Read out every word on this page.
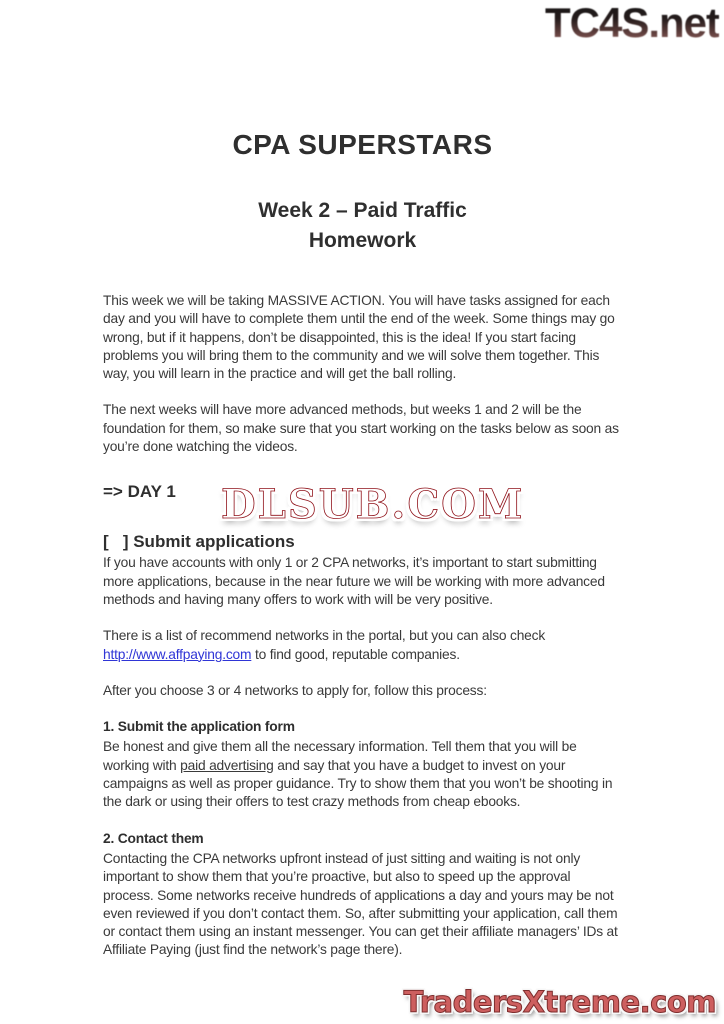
TC4S.net
CPA SUPERSTARS
Week 2 – Paid Traffic
Homework

This week we will be taking MASSIVE ACTION. You will have tasks assigned for each day and you will have to complete them until the end of the week. Some things may go wrong, but if it happens, don’t be disappointed, this is the idea! If you start facing problems you will bring them to the community and we will solve them together. This way, you will learn in the practice and will get the ball rolling.

The next weeks will have more advanced methods, but weeks 1 and 2 will be the foundation for them, so make sure that you start working on the tasks below as soon as you’re done watching the videos.

=> DAY 1
[   ] Submit applications

If you have accounts with only 1 or 2 CPA networks, it’s important to start submitting more applications, because in the near future we will be working with more advanced methods and having many offers to work with will be very positive.

There is a list of recommend networks in the portal, but you can also check http://www.affpaying.com to find good, reputable companies.

After you choose 3 or 4 networks to apply for, follow this process:

1. Submit the application form

Be honest and give them all the necessary information. Tell them that you will be working with paid advertising and say that you have a budget to invest on your campaigns as well as proper guidance. Try to show them that you won’t be shooting in the dark or using their offers to test crazy methods from cheap ebooks.

2. Contact them

Contacting the CPA networks upfront instead of just sitting and waiting is not only important to show them that you’re proactive, but also to speed up the approval process. Some networks receive hundreds of applications a day and yours may be not even reviewed if you don’t contact them. So, after submitting your application, call them or contact them using an instant messenger. You can get their affiliate managers’ IDs at Affiliate Paying (just find the network’s page there).

DLSUB.COM
TradersXtreme.com
